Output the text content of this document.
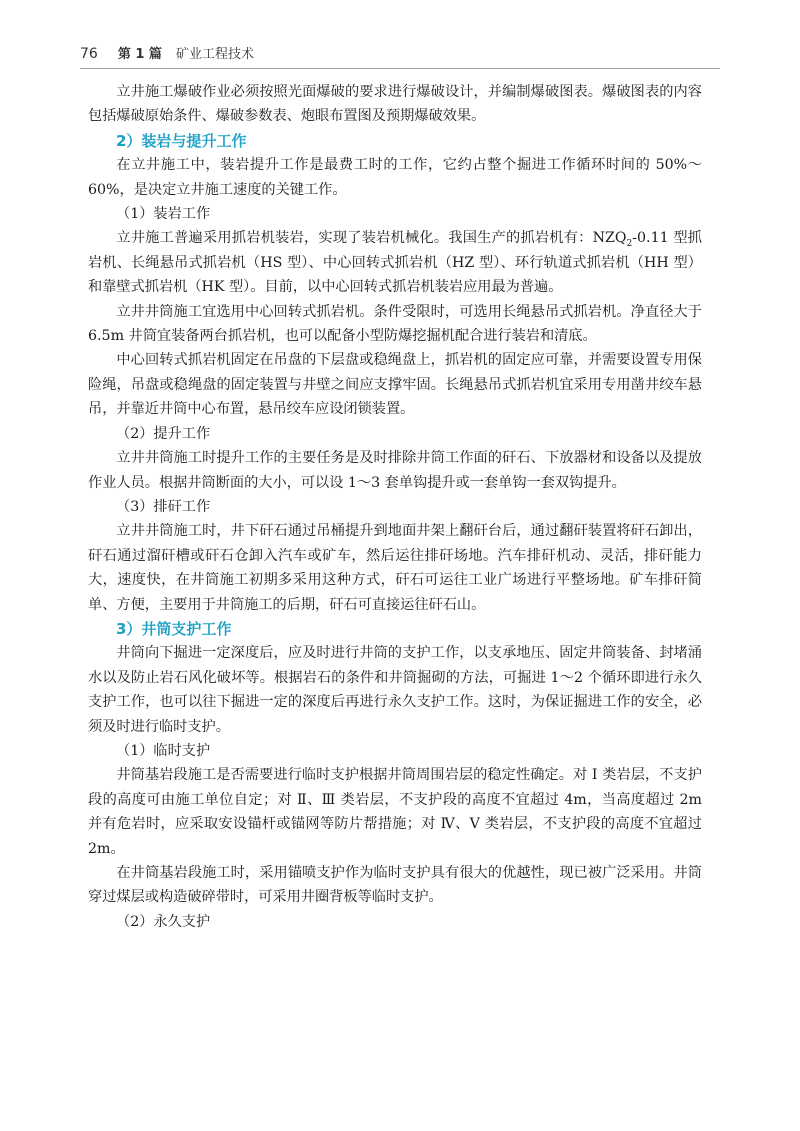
76 第 1 篇 矿业工程技术

立井施工爆破作业必须按照光面爆破的要求进行爆破设计，并编制爆破图表。爆破图表的内容包括爆破原始条件、爆破参数表、炮眼布置图及预期爆破效果。

2）装岩与提升工作

在立井施工中，装岩提升工作是最费工时的工作，它约占整个掘进工作循环时间的 50%～60%，是决定立井施工速度的关键工作。

（1）装岩工作

立井施工普遍采用抓岩机装岩，实现了装岩机械化。我国生产的抓岩机有：$NZQ_2-0.11$ 型抓岩机、长绳悬吊式抓岩机（HS 型）、中心回转式抓岩机（HZ 型）、环行轨道式抓岩机（HH 型）和靠壁式抓岩机（HK 型）。目前，以中心回转式抓岩机装岩应用最为普遍。

立井井筒施工宜选用中心回转式抓岩机。条件受限时，可选用长绳悬吊式抓岩机。净直径大于 6.5m 井筒宜装备两台抓岩机，也可以配备小型防爆挖掘机配合进行装岩和清底。

中心回转式抓岩机固定在吊盘的下层盘或稳绳盘上，抓岩机的固定应可靠，并需要设置专用保险绳，吊盘或稳绳盘的固定装置与井壁之间应支撑牢固。长绳悬吊式抓岩机宜采用专用凿井绞车悬吊，并靠近井筒中心布置，悬吊绞车应设闭锁装置。

（2）提升工作

立井井筒施工时提升工作的主要任务是及时排除井筒工作面的矸石、下放器材和设备以及提放作业人员。根据井筒断面的大小，可以设 1～3 套单钩提升或一套单钩一套双钩提升。

（3）排矸工作

立井井筒施工时，井下矸石通过吊桶提升到地面井架上翻矸台后，通过翻矸装置将矸石卸出，矸石通过溜矸槽或矸石仓卸入汽车或矿车，然后运往排矸场地。汽车排矸机动、灵活，排矸能力大，速度快，在井筒施工初期多采用这种方式，矸石可运往工业广场进行平整场地。矿车排矸简单、方便，主要用于井筒施工的后期，矸石可直接运往矸石山。

3）井筒支护工作

井筒向下掘进一定深度后，应及时进行井筒的支护工作，以支承地压、固定井筒装备、封堵涌水以及防止岩石风化破坏等。根据岩石的条件和井筒掘砌的方法，可掘进 1～2 个循环即进行永久支护工作，也可以往下掘进一定的深度后再进行永久支护工作。这时，为保证掘进工作的安全，必须及时进行临时支护。

（1）临时支护

井筒基岩段施工是否需要进行临时支护根据井筒周围岩层的稳定性确定。对 Ⅰ 类岩层，不支护段的高度可由施工单位自定；对 Ⅱ、Ⅲ 类岩层，不支护段的高度不宜超过 4m，当高度超过 2m 并有危岩时，应采取安设锚杆或锚网等防片帮措施；对 Ⅳ、Ⅴ 类岩层，不支护段的高度不宜超过 2m。

在井筒基岩段施工时，采用锚喷支护作为临时支护具有很大的优越性，现已被广泛采用。井筒穿过煤层或构造破碎带时，可采用井圈背板等临时支护。

（2）永久支护
